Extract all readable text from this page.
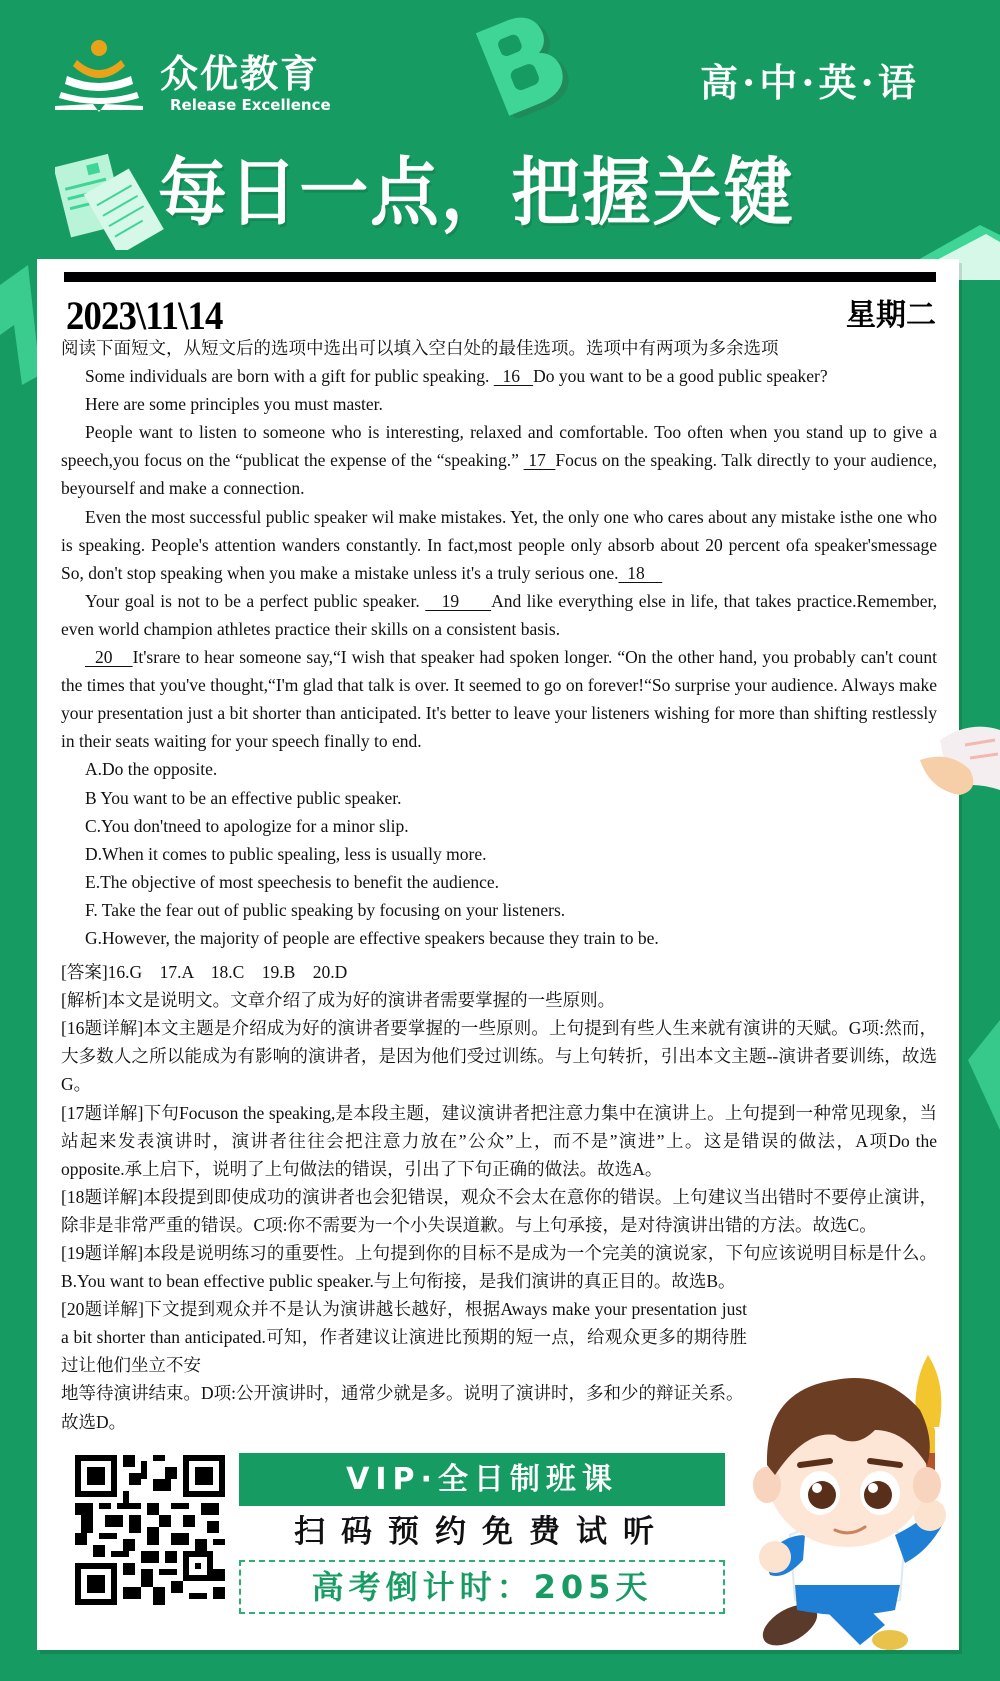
众优教育
Release Excellence	高·中·英·语
每日一点，把握关键
2023\11\14	星期二

阅读下面短文，从短文后的选项中选出可以填入空白处的最佳选项。选项中有两项为多余选项

Some individuals are born with a gift for public speaking.   16   Do you want to be a good public speaker?

Here are some principles you must master.

People want to listen to someone who is interesting, relaxed and comfortable. Too often when you stand up to give a speech,you focus on the “publicat the expense of the “speaking.”  17  Focus on the speaking. Talk directly to your audience, beyourself and make a connection.

Even the most successful public speaker wil make mistakes. Yet, the only one who cares about any mistake isthe one who is speaking. People's attention wanders constantly. In fact,most people only absorb about 20 percent ofa speaker'smessage So, don't stop speaking when you make a mistake unless it's a truly serious one.  18

Your goal is not to be a perfect public speaker.    19      And like everything else in life, that takes practice.Remember, even world champion athletes practice their skills on a consistent basis.

20    It'srare to hear someone say,“I wish that speaker had spoken longer. “On the other hand, you probably can't count the times that you've thought,“I'm glad that talk is over. It seemed to go on forever!“So surprise your audience. Always make your presentation just a bit shorter than anticipated. It's better to leave your listeners wishing for more than shifting restlessly in their seats waiting for your speech finally to end.

A.Do the opposite.

B You want to be an effective public speaker.

C.You don'tneed to apologize for a minor slip.

D.When it comes to public spealing, less is usually more.

E.The objective of most speechesis to benefit the audience.

F. Take the fear out of public speaking by focusing on your listeners.

G.However, the majority of people are effective speakers because they train to be.

[答案]16.G    17.A    18.C    19.B    20.D

[解析]本文是说明文。文章介绍了成为好的演讲者需要掌握的一些原则。

[16题详解]本文主题是介绍成为好的演讲者要掌握的一些原则。上句提到有些人生来就有演讲的天赋。G项:然而，大多数人之所以能成为有影响的演讲者，是因为他们受过训练。与上句转折，引出本文主题--演讲者要训练，故选G。

[17题详解]下句Focuson the speaking,是本段主题，建议演讲者把注意力集中在演讲上。上句提到一种常见现象，当站起来发表演讲时，演讲者往往会把注意力放在”公众”上，而不是”演进”上。这是错误的做法，A项Do the opposite.承上启下，说明了上句做法的错误，引出了下句正确的做法。故选A。

[18题详解]本段提到即使成功的演讲者也会犯错误，观众不会太在意你的错误。上句建议当出错时不要停止演讲，除非是非常严重的错误。C项:你不需要为一个小失误道歉。与上句承接，是对待演讲出错的方法。故选C。

[19题详解]本段是说明练习的重要性。上句提到你的目标不是成为一个完美的演说家，下句应该说明目标是什么。B.You want to bean effective public speaker.与上句衔接，是我们演讲的真正目的。故选B。

[20题详解]下文提到观众并不是认为演讲越长越好，根据Aways make your presentation just a bit shorter than anticipated.可知，作者建议让演进比预期的短一点，给观众更多的期待胜过让他们坐立不安

地等待演讲结束。D项:公开演讲时，通常少就是多。说明了演讲时，多和少的辩证关系。

故选D。

VIP·全日制班课
扫码预约免费试听
高考倒计时：205天
